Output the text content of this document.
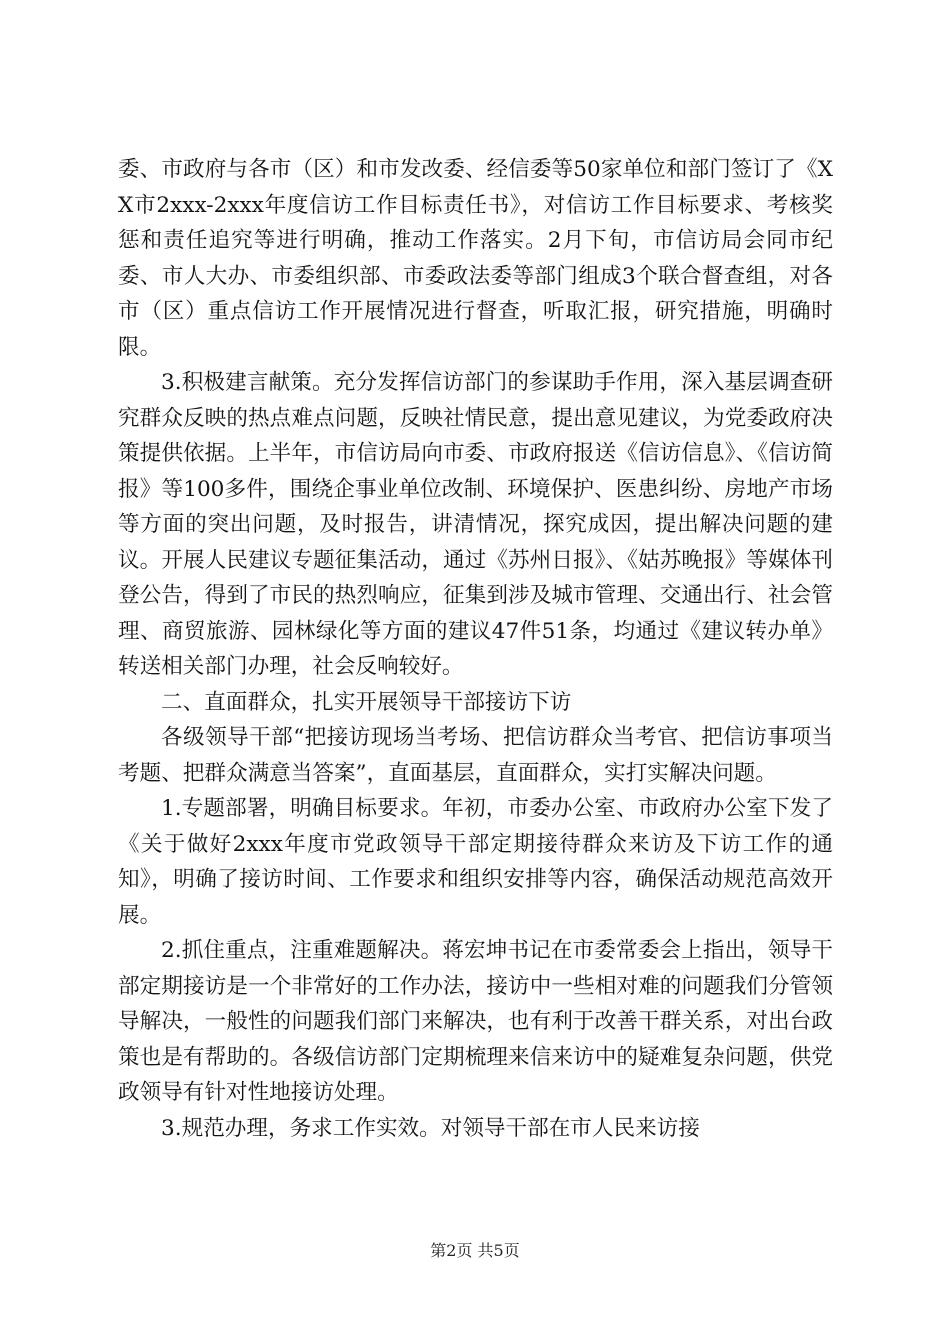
委、市政府与各市（区）和市发改委、经信委等50家单位和部门签订了《XX市2xxx-2xxx年度信访工作目标责任书》，对信访工作目标要求、考核奖惩和责任追究等进行明确，推动工作落实。2月下旬，市信访局会同市纪委、市人大办、市委组织部、市委政法委等部门组成3个联合督查组，对各市（区）重点信访工作开展情况进行督查，听取汇报，研究措施，明确时限。

3.积极建言献策。充分发挥信访部门的参谋助手作用，深入基层调查研究群众反映的热点难点问题，反映社情民意，提出意见建议，为党委政府决策提供依据。上半年，市信访局向市委、市政府报送《信访信息》、《信访简报》等100多件，围绕企事业单位改制、环境保护、医患纠纷、房地产市场等方面的突出问题，及时报告，讲清情况，探究成因，提出解决问题的建议。开展人民建议专题征集活动，通过《苏州日报》、《姑苏晚报》等媒体刊登公告，得到了市民的热烈响应，征集到涉及城市管理、交通出行、社会管理、商贸旅游、园林绿化等方面的建议47件51条，均通过《建议转办单》转送相关部门办理，社会反响较好。

二、直面群众，扎实开展领导干部接访下访

各级领导干部“把接访现场当考场、把信访群众当考官、把信访事项当考题、把群众满意当答案”，直面基层，直面群众，实打实解决问题。

1.专题部署，明确目标要求。年初，市委办公室、市政府办公室下发了《关于做好2xxx年度市党政领导干部定期接待群众来访及下访工作的通知》，明确了接访时间、工作要求和组织安排等内容，确保活动规范高效开展。

2.抓住重点，注重难题解决。蒋宏坤书记在市委常委会上指出，领导干部定期接访是一个非常好的工作办法，接访中一些相对难的问题我们分管领导解决，一般性的问题我们部门来解决，也有利于改善干群关系，对出台政策也是有帮助的。各级信访部门定期梳理来信来访中的疑难复杂问题，供党政领导有针对性地接访处理。

3.规范办理，务求工作实效。对领导干部在市人民来访接

第2页 共5页
